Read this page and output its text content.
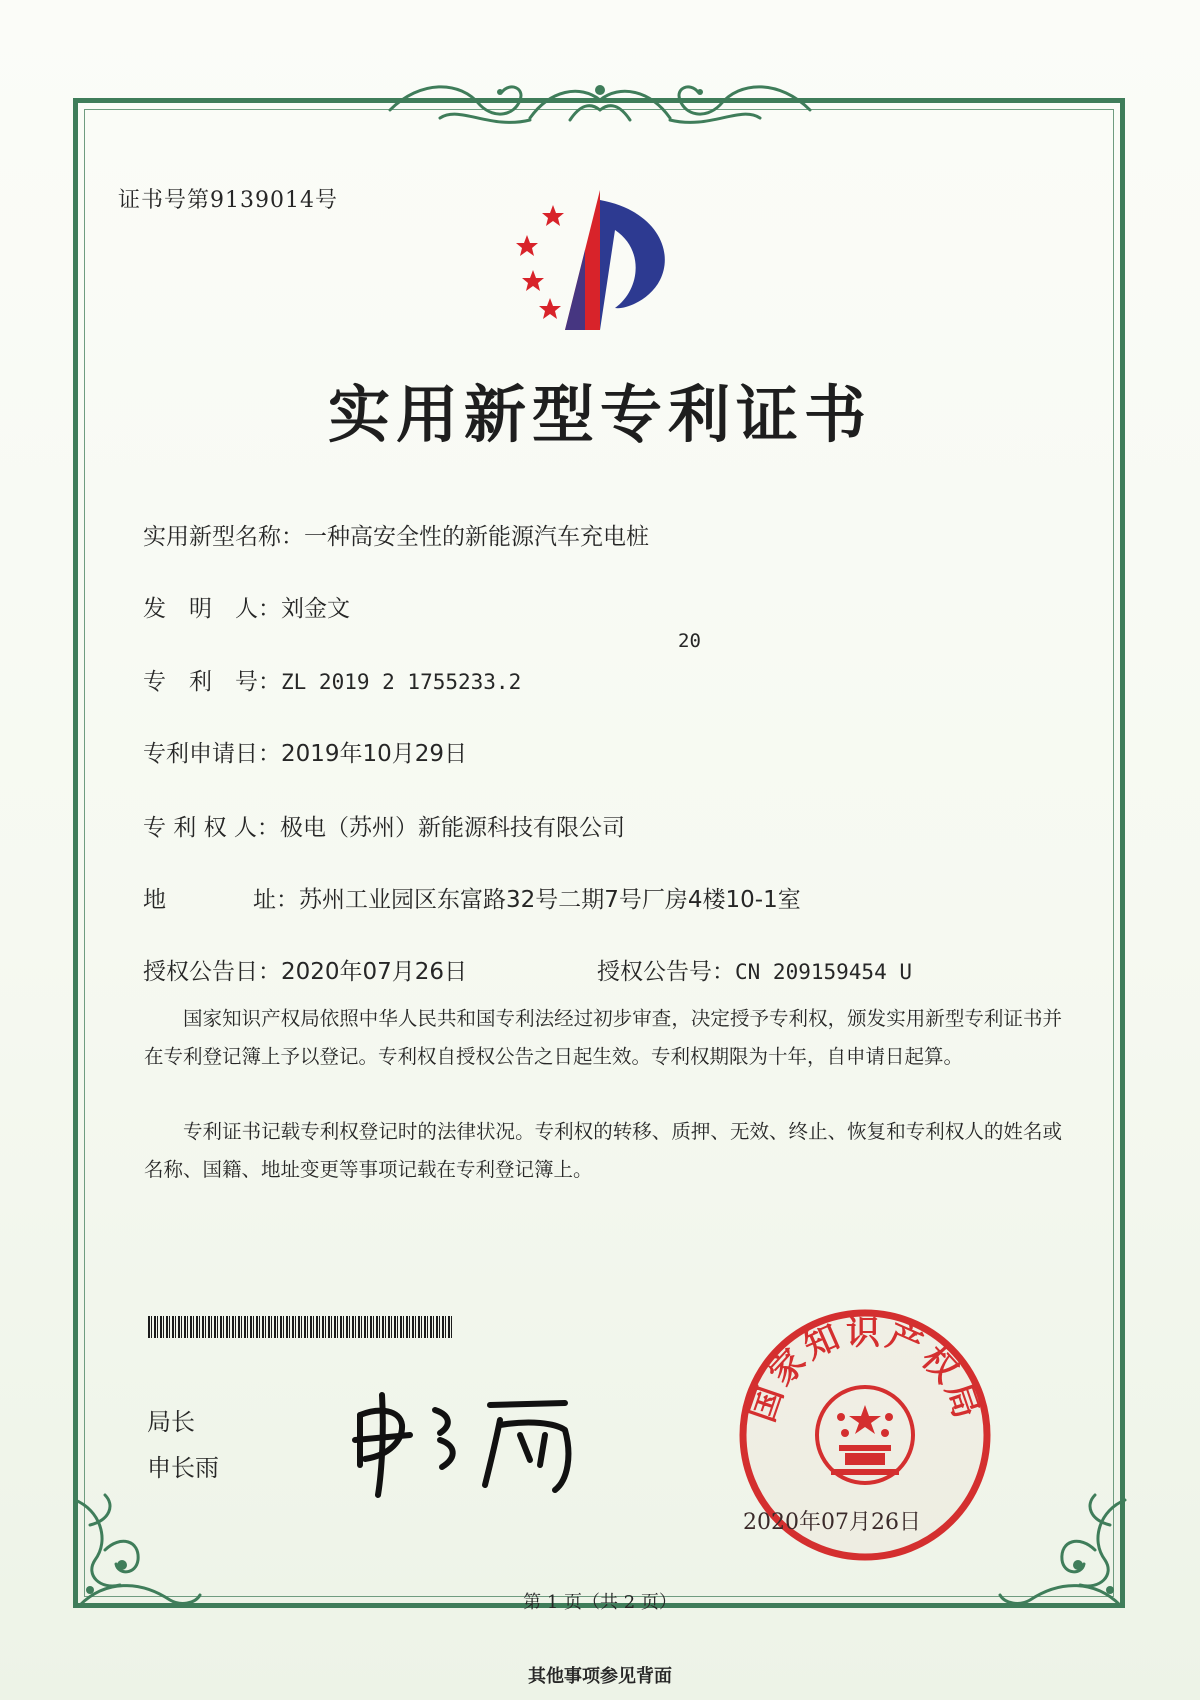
证书号第9139014号
实用新型专利证书
实用新型名称：一种高安全性的新能源汽车充电桩
发　明　人：刘金文
20
专　利　号：ZL 2019 2 1755233.2
专利申请日：2019年10月29日
专 利 权 人：极电（苏州）新能源科技有限公司
地	址：苏州工业园区东富路32号二期7号厂房4楼10-1室
授权公告日：2020年07月26日	授权公告号：CN 209159454 U

国家知识产权局依照中华人民共和国专利法经过初步审查，决定授予专利权，颁发实用新型专利证书并在专利登记簿上予以登记。专利权自授权公告之日起生效。专利权期限为十年，自申请日起算。

专利证书记载专利权登记时的法律状况。专利权的转移、质押、无效、终止、恢复和专利权人的姓名或名称、国籍、地址变更等事项记载在专利登记簿上。

局长
申长雨
国家知识产权局
2020年07月26日
第 1 页（共 2 页）
其他事项参见背面
